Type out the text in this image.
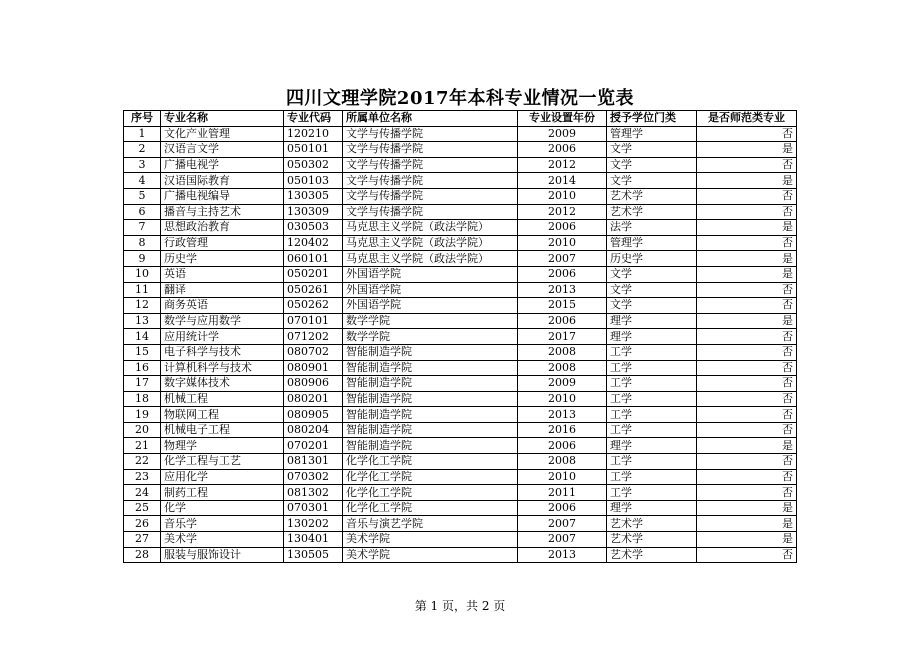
四川文理学院2017年本科专业情况一览表
序号	专业名称	专业代码	所属单位名称	专业设置年份	授予学位门类	是否师范类专业
1	文化产业管理	120210	文学与传播学院	2009	管理学	否
2	汉语言文学	050101	文学与传播学院	2006	文学	是
3	广播电视学	050302	文学与传播学院	2012	文学	否
4	汉语国际教育	050103	文学与传播学院	2014	文学	是
5	广播电视编导	130305	文学与传播学院	2010	艺术学	否
6	播音与主持艺术	130309	文学与传播学院	2012	艺术学	否
7	思想政治教育	030503	马克思主义学院（政法学院）	2006	法学	是
8	行政管理	120402	马克思主义学院（政法学院）	2010	管理学	否
9	历史学	060101	马克思主义学院（政法学院）	2007	历史学	是
10	英语	050201	外国语学院	2006	文学	是
11	翻译	050261	外国语学院	2013	文学	否
12	商务英语	050262	外国语学院	2015	文学	否
13	数学与应用数学	070101	数学学院	2006	理学	是
14	应用统计学	071202	数学学院	2017	理学	否
15	电子科学与技术	080702	智能制造学院	2008	工学	否
16	计算机科学与技术	080901	智能制造学院	2008	工学	否
17	数字媒体技术	080906	智能制造学院	2009	工学	否
18	机械工程	080201	智能制造学院	2010	工学	否
19	物联网工程	080905	智能制造学院	2013	工学	否
20	机械电子工程	080204	智能制造学院	2016	工学	否
21	物理学	070201	智能制造学院	2006	理学	是
22	化学工程与工艺	081301	化学化工学院	2008	工学	否
23	应用化学	070302	化学化工学院	2010	工学	否
24	制药工程	081302	化学化工学院	2011	工学	否
25	化学	070301	化学化工学院	2006	理学	是
26	音乐学	130202	音乐与演艺学院	2007	艺术学	是
27	美术学	130401	美术学院	2007	艺术学	是
28	服装与服饰设计	130505	美术学院	2013	艺术学	否
第 1 页，共 2 页
